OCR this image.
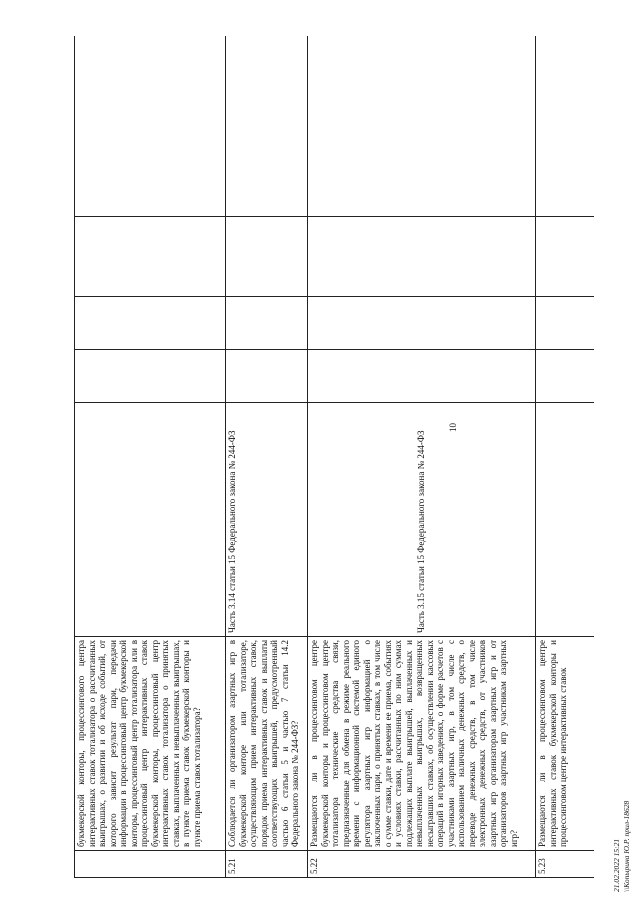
10
21.02.2022 15:21 \\Копырина Ю.Р. прил-18628
	букмекерской конторы, процессингового центра интерактивных ставок тотализатора о рассчитанных выигрышах, о развитии и об исходе событий, от которого зависит результат пари, передачи информации в процессинговый центр букмекерской конторы, процессинговый центр тотализатора или в процессинговый центр интерактивных ставок букмекерской конторы, процессинговый центр интерактивных ставок тотализатора о принятых ставках, выплаченных и невыплаченных выигрышах, в пункте приема ставок букмекерской конторы и пункте приема ставок тотализатора?					
5.21	Соблюдается ли организатором азартных игр в букмекерской конторе или тотализаторе, осуществляющим прием интерактивных ставок, порядок приема интерактивных ставок и выплаты соответствующих выигрышей, предусмотренный частью 6 статьи 5 и частью 7 статьи 14.2 Федерального закона № 244-ФЗ?	Часть 3.14 статьи 15 Федерального закона № 244-ФЗ				
5.22	Размещаются ли в процессинговом центре букмекерской конторы и процессинговом центре тотализатора технические средства связи, предназначенные для обмена в режиме реального времени с информационной системой единого регулятора азартных игр информацией о заключенных пари, о принятых ставках, в том числе о сумме ставки, дате и времени ее приема, событиях и условиях ставки, рассчитанных по ним суммах подлежащих выплате выигрышей, выплаченных и невыплаченных выигрышах, возвращенных несыгравших ставках, об осуществлении кассовых операций в игорных заведениях, о форме расчетов с участниками азартных игр, в том числе с использованием наличных денежных средств, о переводе денежных средств, в том числе электронных денежных средств, от участников азартных игр организаторам азартных игр и от организаторов азартных игр участникам азартных игр?	Часть 3.15 статьи 15 Федерального закона № 244-ФЗ				
5.23	Размещаются ли в процессинговом центре интерактивных ставок букмекерской конторы и процессинговом центре интерактивных ставок					
